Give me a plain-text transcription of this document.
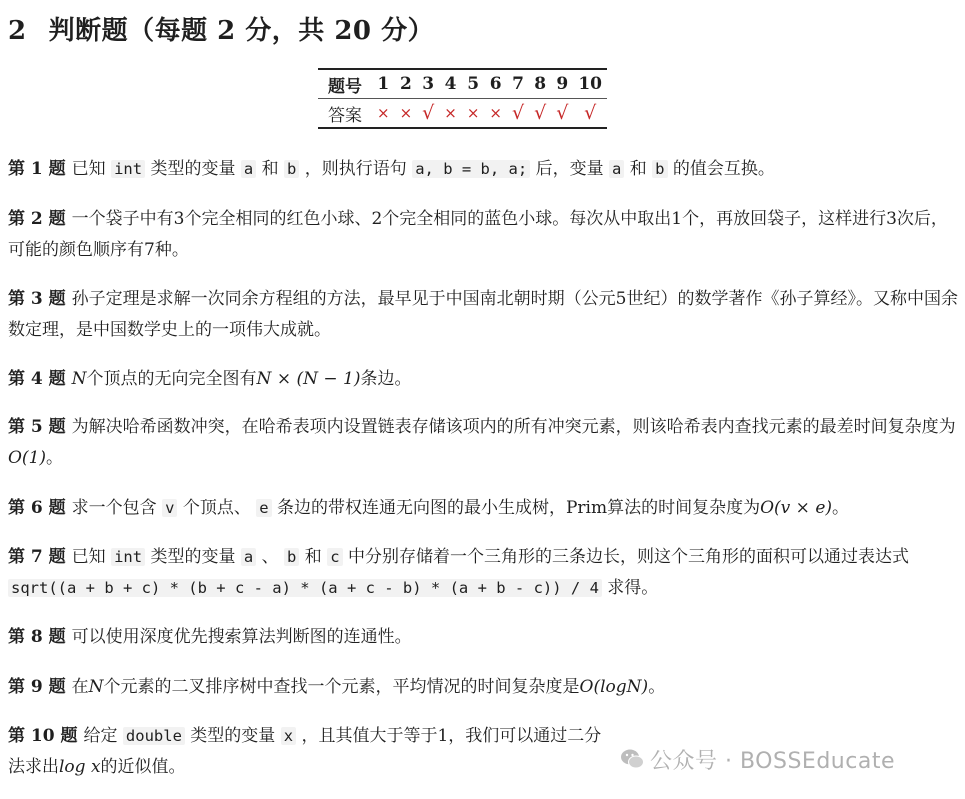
2 判断题（每题 2 分，共 20 分）
题号	1	2	3	4	5	6	7	8	9	10
答案	×	×	√	×	×	×	√	√	√	√
第 1 题 已知 int 类型的变量 a 和 b ，则执行语句 a, b = b, a; 后，变量 a 和 b 的值会互换。
第 2 题 一个袋子中有3个完全相同的红色小球、2个完全相同的蓝色小球。每次从中取出1个，再放回袋子，这样进行3次后，可能的颜色顺序有7种。
第 3 题 孙子定理是求解一次同余方程组的方法，最早见于中国南北朝时期（公元5世纪）的数学著作《孙子算经》。又称中国余数定理，是中国数学史上的一项伟大成就。
第 4 题 N个顶点的无向完全图有N × (N − 1)条边。
第 5 题 为解决哈希函数冲突，在哈希表项内设置链表存储该项内的所有冲突元素，则该哈希表内查找元素的最差时间复杂度为O(1)。
第 6 题 求一个包含 v 个顶点、 e 条边的带权连通无向图的最小生成树，Prim算法的时间复杂度为O(v × e)。
第 7 题 已知 int 类型的变量 a 、 b 和 c 中分别存储着一个三角形的三条边长，则这个三角形的面积可以通过表达式 sqrt((a + b + c) * (b + c - a) * (a + c - b) * (a + b - c)) / 4 求得。
第 8 题 可以使用深度优先搜索算法判断图的连通性。
第 9 题 在N个元素的二叉排序树中查找一个元素，平均情况的时间复杂度是O(logN)。
第 10 题 给定 double 类型的变量 x ，且其值大于等于1，我们可以通过二分法求出log x的近似值。	公众号 · BOSSEducate
